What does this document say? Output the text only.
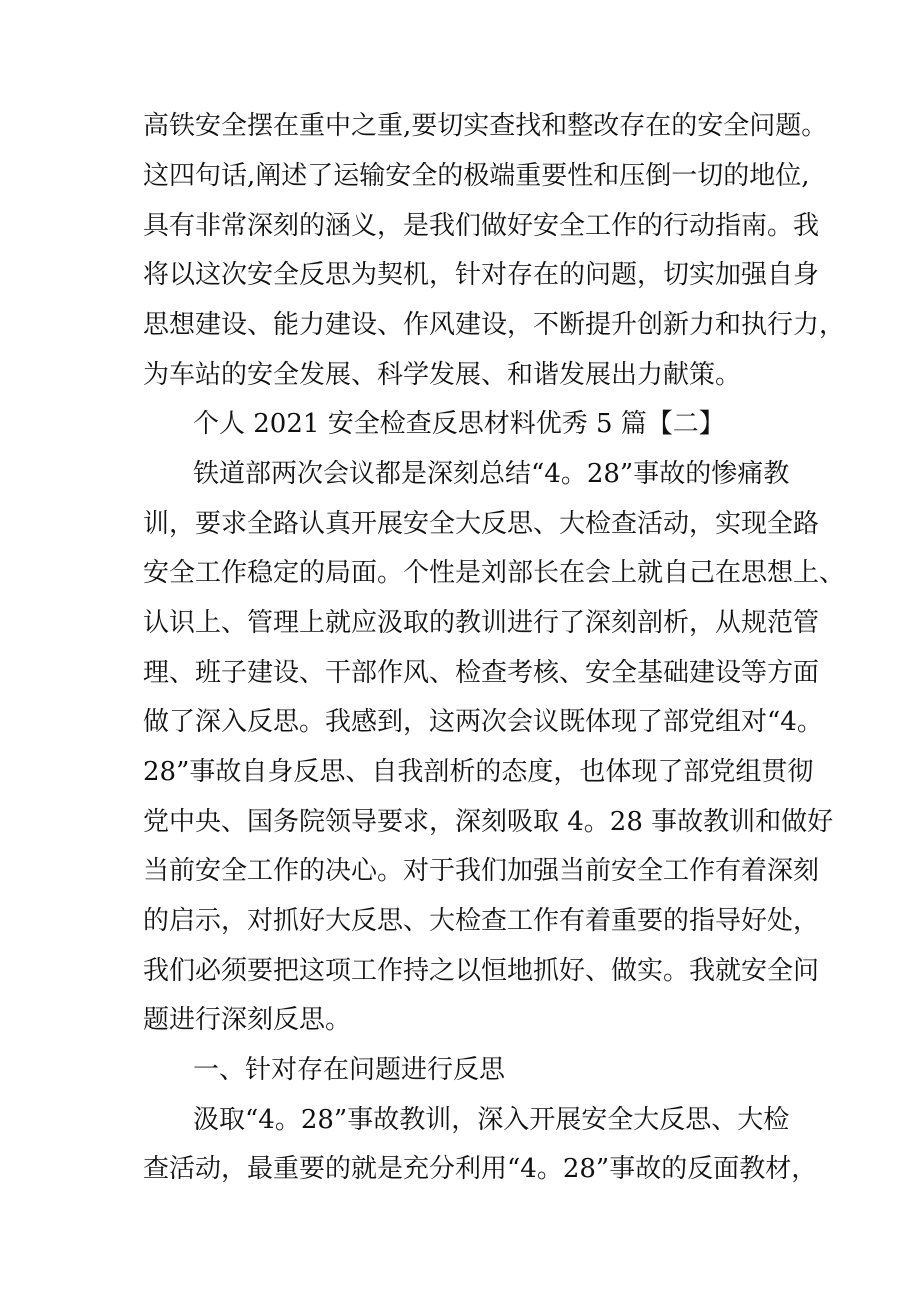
高铁安全摆在重中之重,要切实查找和整改存在的安全问题。
这四句话,阐述了运输安全的极端重要性和压倒一切的地位,
具有非常深刻的涵义，是我们做好安全工作的行动指南。我
将以这次安全反思为契机，针对存在的问题，切实加强自身
思想建设、能力建设、作风建设，不断提升创新力和执行力，
为车站的安全发展、科学发展、和谐发展出力献策。
个人 2021 安全检查反思材料优秀 5 篇【二】
铁道部两次会议都是深刻总结“4。28”事故的惨痛教
训，要求全路认真开展安全大反思、大检查活动，实现全路
安全工作稳定的局面。个性是刘部长在会上就自己在思想上、
认识上、管理上就应汲取的教训进行了深刻剖析，从规范管
理、班子建设、干部作风、检查考核、安全基础建设等方面
做了深入反思。我感到，这两次会议既体现了部党组对“4。
28”事故自身反思、自我剖析的态度，也体现了部党组贯彻
党中央、国务院领导要求，深刻吸取 4。28 事故教训和做好
当前安全工作的决心。对于我们加强当前安全工作有着深刻
的启示，对抓好大反思、大检查工作有着重要的指导好处，
我们必须要把这项工作持之以恒地抓好、做实。我就安全问
题进行深刻反思。
一、针对存在问题进行反思
汲取“4。28”事故教训，深入开展安全大反思、大检
查活动，最重要的就是充分利用“4。28”事故的反面教材，
